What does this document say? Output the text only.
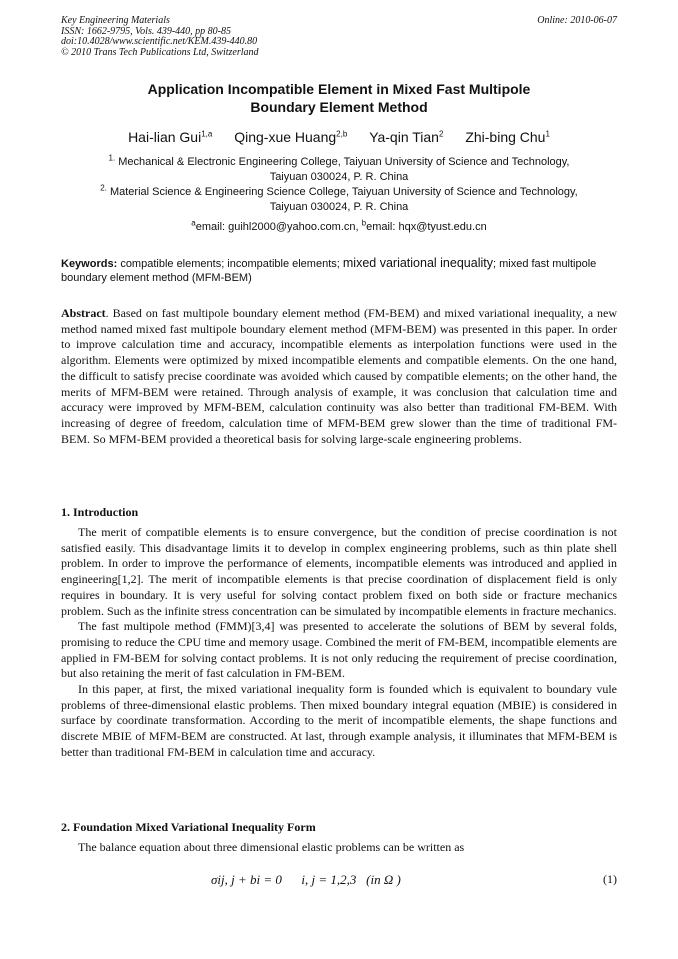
Key Engineering Materials
ISSN: 1662-9795, Vols. 439-440, pp 80-85
doi:10.4028/www.scientific.net/KEM.439-440.80
© 2010 Trans Tech Publications Ltd, Switzerland
Online: 2010-06-07
Application Incompatible Element in Mixed Fast Multipole
Boundary Element Method
Hai-lian Gui$^{1,a}$ Qing-xue Huang$^{2,b}$ Ya-qin Tian$^2$ Zhi-bing Chu$^1$
$^{1.}$ Mechanical & Electronic Engineering College, Taiyuan University of Science and Technology,
Taiyuan 030024, P. R. China
$^{2.}$ Material Science & Engineering Science College, Taiyuan University of Science and Technology,
Taiyuan 030024, P. R. China
$^a$email: guihl2000@yahoo.com.cn, $^b$email: hqx@tyust.edu.cn
Keywords: compatible elements; incompatible elements; mixed variational inequality; mixed fast multipole boundary element method (MFM-BEM)

Abstract. Based on fast multipole boundary element method (FM-BEM) and mixed variational inequality, a new method named mixed fast multipole boundary element method (MFM-BEM) was presented in this paper. In order to improve calculation time and accuracy, incompatible elements as interpolation functions were used in the algorithm. Elements were optimized by mixed incompatible elements and compatible elements. On the one hand, the difficult to satisfy precise coordinate was avoided which caused by compatible elements; on the other hand, the merits of MFM-BEM were retained. Through analysis of example, it was conclusion that calculation time and accuracy were improved by MFM-BEM, calculation continuity was also better than traditional FM-BEM. With increasing of degree of freedom, calculation time of MFM-BEM grew slower than the time of traditional FM-BEM. So MFM-BEM provided a theoretical basis for solving large-scale engineering problems.

1. Introduction

The merit of compatible elements is to ensure convergence, but the condition of precise coordination is not satisfied easily. This disadvantage limits it to develop in complex engineering problems, such as thin plate shell problem. In order to improve the performance of elements, incompatible elements was introduced and applied in engineering[1,2]. The merit of incompatible elements is that precise coordination of displacement field is only requires in boundary. It is very useful for solving contact problem fixed on both side or fracture mechanics problem. Such as the infinite stress concentration can be simulated by incompatible elements in fracture mechanics.

The fast multipole method (FMM)[3,4] was presented to accelerate the solutions of BEM by several folds, promising to reduce the CPU time and memory usage. Combined the merit of FM-BEM, incompatible elements are applied in FM-BEM for solving contact problems. It is not only reducing the requirement of precise coordination, but also retaining the merit of fast calculation in FM-BEM.

In this paper, at first, the mixed variational inequality form is founded which is equivalent to boundary vule problems of three-dimensional elastic problems. Then mixed boundary integral equation (MBIE) is considered in surface by coordinate transformation. According to the merit of incompatible elements, the shape functions and discrete MBIE of MFM-BEM are constructed. At last, through example analysis, it illuminates that MFM-BEM is better than traditional FM-BEM in calculation time and accuracy.

2. Foundation Mixed Variational Inequality Form

The balance equation about three dimensional elastic problems can be written as

σij, j + bi = 0      i, j = 1,2,3   (in Ω )	(1)
